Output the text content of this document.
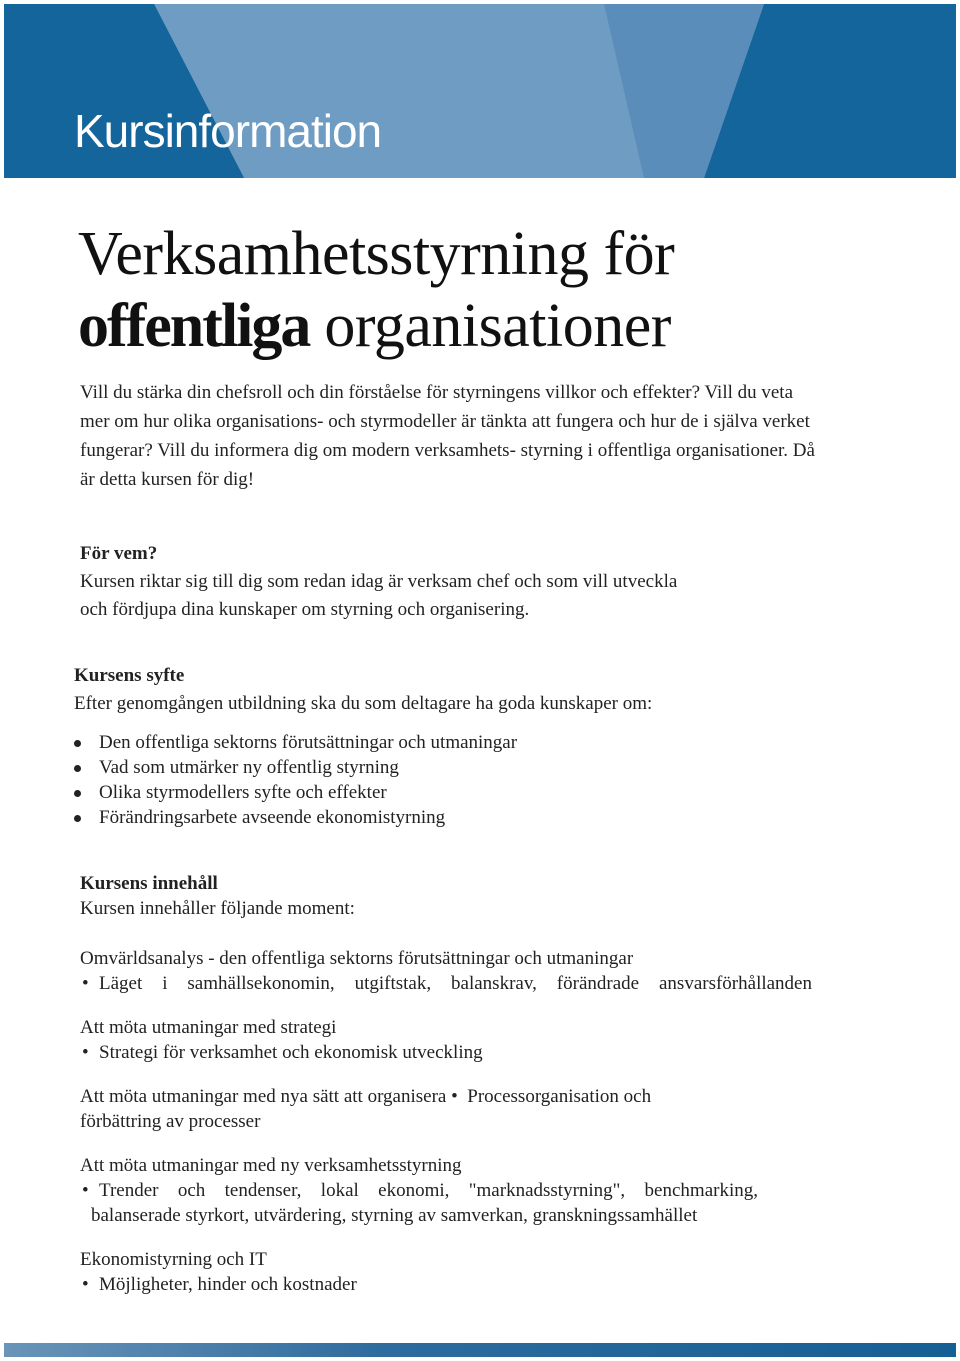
Kursinformation
Verksamhetsstyrning för
offentliga organisationer

Vill du stärka din chefsroll och din förståelse för styrningens villkor och effekter? Vill du veta mer om hur olika organisations- och styrmodeller är tänkta att fungera och hur de i själva verket fungerar? Vill du informera dig om modern verksamhets- styrning i offentliga organisationer. Då är detta kursen för dig!

För vem?
Kursen riktar sig till dig som redan idag är verksam chef och som vill utveckla
och fördjupa dina kunskaper om styrning och organisering.
Kursens syfte
Efter genomgången utbildning ska du som deltagare ha goda kunskaper om:
Den offentliga sektorns förutsättningar och utmaningar
Vad som utmärker ny offentlig styrning
Olika styrmodellers syfte och effekter
Förändringsarbete avseende ekonomistyrning
Kursens innehåll
Kursen innehåller följande moment:
Omvärldsanalys - den offentliga sektorns förutsättningar och utmaningar
• Läget i samhällsekonomin, utgiftstak, balanskrav, förändrade ansvarsförhållanden
Att möta utmaningar med strategi
• Strategi för verksamhet och ekonomisk utveckling
Att möta utmaningar med nya sätt att organisera • Processorganisation och
förbättring av processer
Att möta utmaningar med ny verksamhetsstyrning
• Trender och tendenser, lokal ekonomi, "marknadsstyrning", benchmarking,
balanserade styrkort, utvärdering, styrning av samverkan, granskningssamhället
Ekonomistyrning och IT
• Möjligheter, hinder och kostnader
